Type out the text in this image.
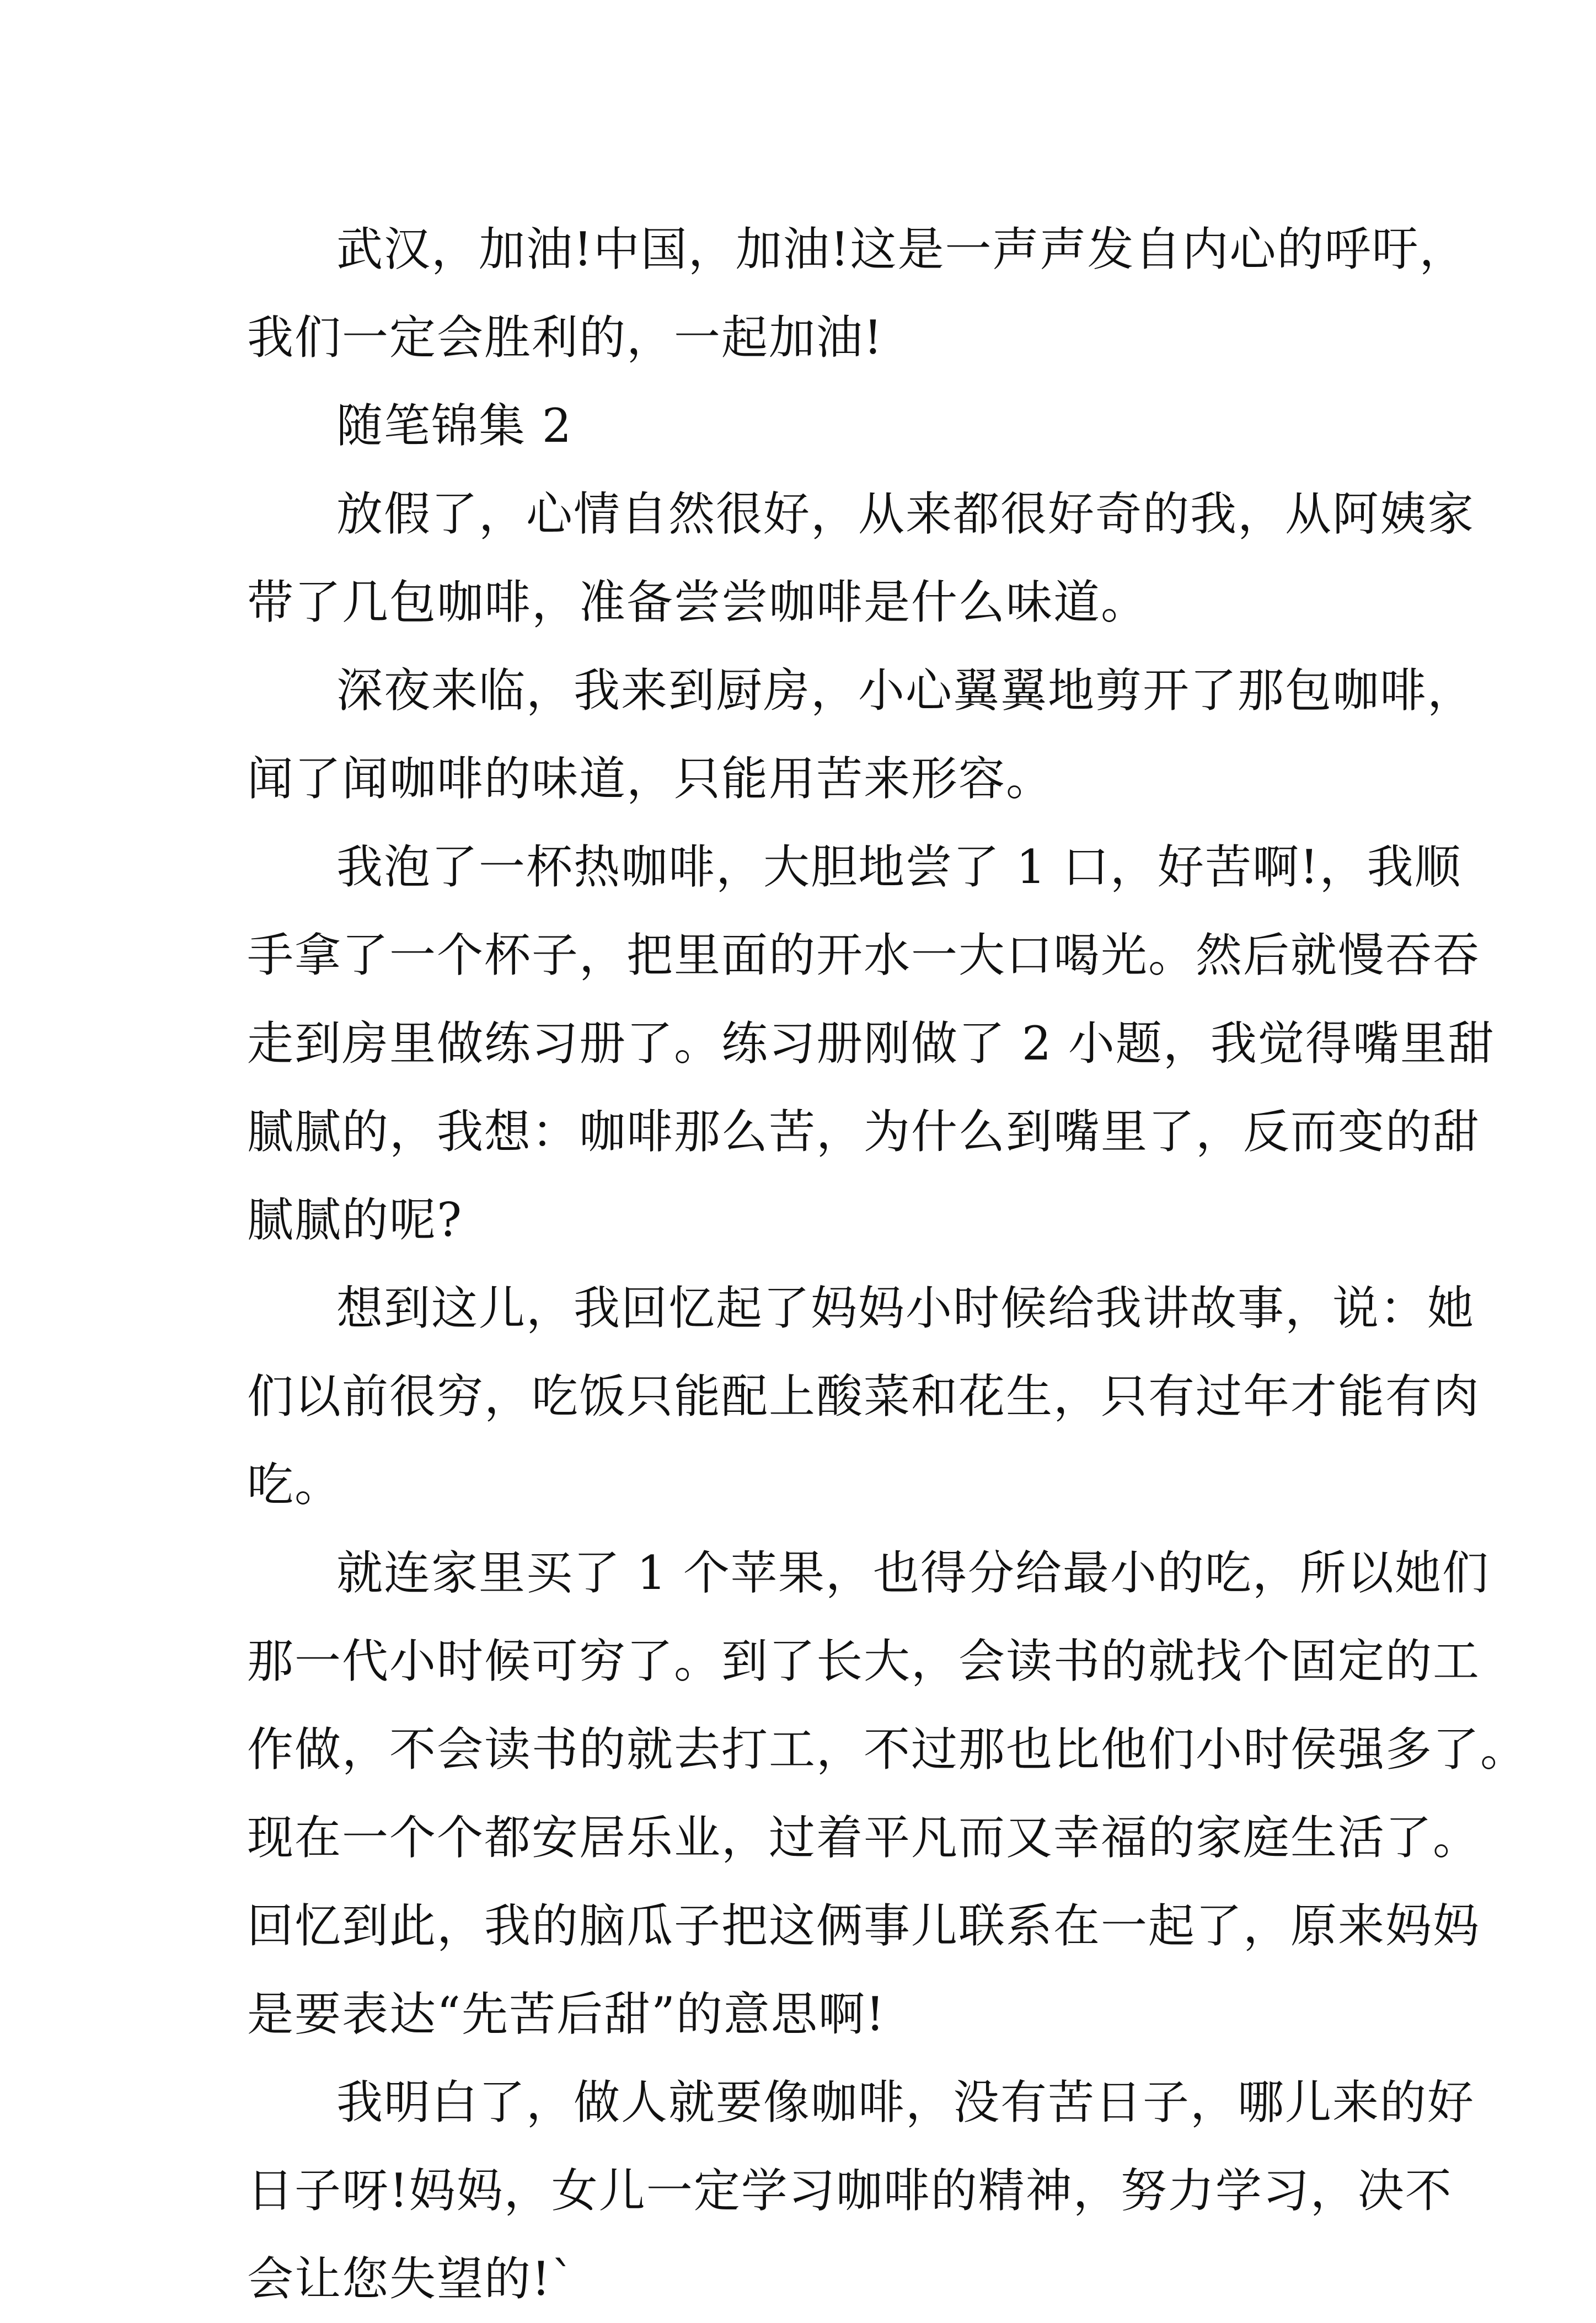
武汉，加油!中国，加油!这是一声声发自内心的呼吁，
我们一定会胜利的，一起加油!
随笔锦集 2
放假了，心情自然很好，从来都很好奇的我，从阿姨家
带了几包咖啡，准备尝尝咖啡是什么味道。
深夜来临，我来到厨房，小心翼翼地剪开了那包咖啡，
闻了闻咖啡的味道，只能用苦来形容。
我泡了一杯热咖啡，大胆地尝了 1 口，好苦啊!，我顺
手拿了一个杯子，把里面的开水一大口喝光。然后就慢吞吞
走到房里做练习册了。练习册刚做了 2 小题，我觉得嘴里甜
腻腻的，我想：咖啡那么苦，为什么到嘴里了，反而变的甜
腻腻的呢?
想到这儿，我回忆起了妈妈小时候给我讲故事，说：她
们以前很穷，吃饭只能配上酸菜和花生，只有过年才能有肉
吃。
就连家里买了 1 个苹果，也得分给最小的吃，所以她们
那一代小时候可穷了。到了长大，会读书的就找个固定的工
作做，不会读书的就去打工，不过那也比他们小时侯强多了。
现在一个个都安居乐业，过着平凡而又幸福的家庭生活了。
回忆到此，我的脑瓜子把这俩事儿联系在一起了，原来妈妈
是要表达“先苦后甜”的意思啊!
我明白了，做人就要像咖啡，没有苦日子，哪儿来的好
日子呀!妈妈，女儿一定学习咖啡的精神，努力学习，决不
会让您失望的!`
